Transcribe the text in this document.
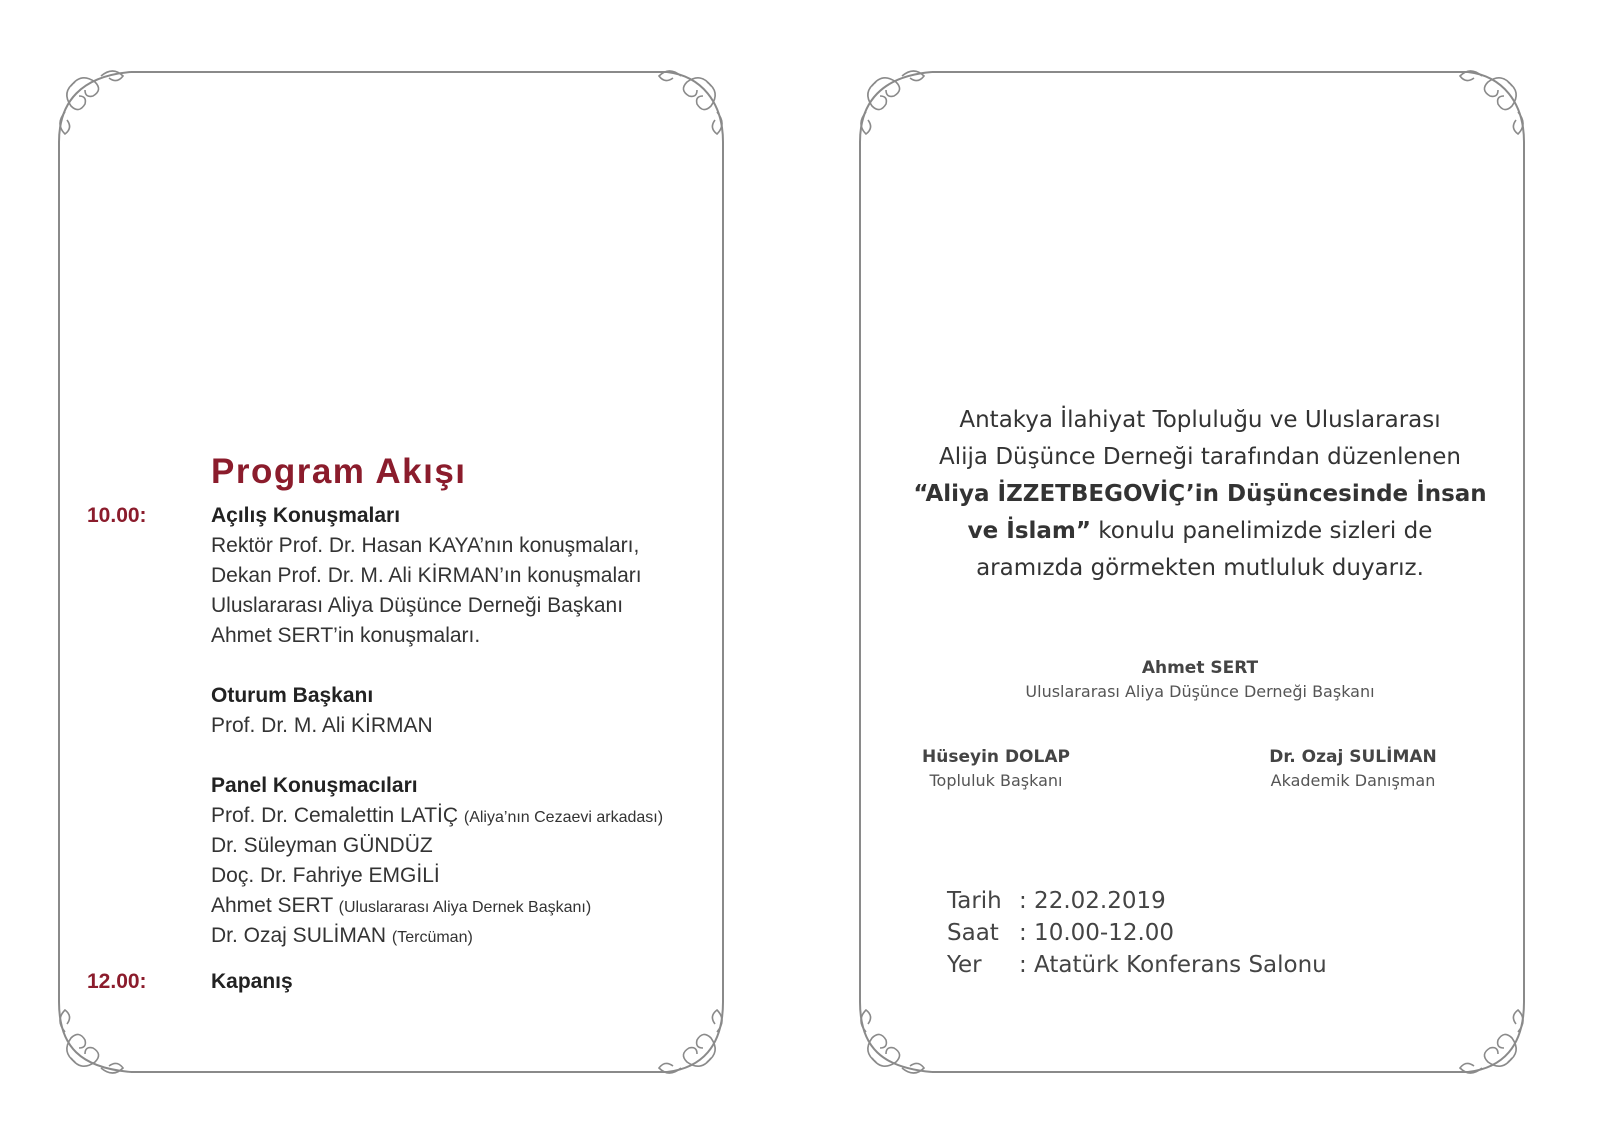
Program Akışı
10.00:	Açılış Konuşmaları
Rektör Prof. Dr. Hasan KAYA’nın konuşmaları,
Dekan Prof. Dr. M. Ali KİRMAN’ın konuşmaları
Uluslararası Aliya Düşünce Derneği Başkanı
Ahmet SERT’in konuşmaları.
Oturum Başkanı
Prof. Dr. M. Ali KİRMAN
Panel Konuşmacıları
Prof. Dr. Cemalettin LATİÇ (Aliya’nın Cezaevi arkadası)
Dr. Süleyman GÜNDÜZ
Doç. Dr. Fahriye EMGİLİ
Ahmet SERT (Uluslararası Aliya Dernek Başkanı)
Dr. Ozaj SULİMAN (Tercüman)
12.00:	Kapanış
Antakya İlahiyat Topluluğu ve Uluslararası
Alija Düşünce Derneği tarafından düzenlenen
“Aliya İZZETBEGOVİÇ’in Düşüncesinde İnsan
ve İslam” konulu panelimizde sizleri de
aramızda görmekten mutluluk duyarız.
Ahmet SERT
Uluslararası Aliya Düşünce Derneği Başkanı
Hüseyin DOLAP
Topluluk Başkanı
Dr. Ozaj SULİMAN
Akademik Danışman
Tarih : 22.02.2019
Saat : 10.00-12.00
Yer : Atatürk Konferans Salonu
